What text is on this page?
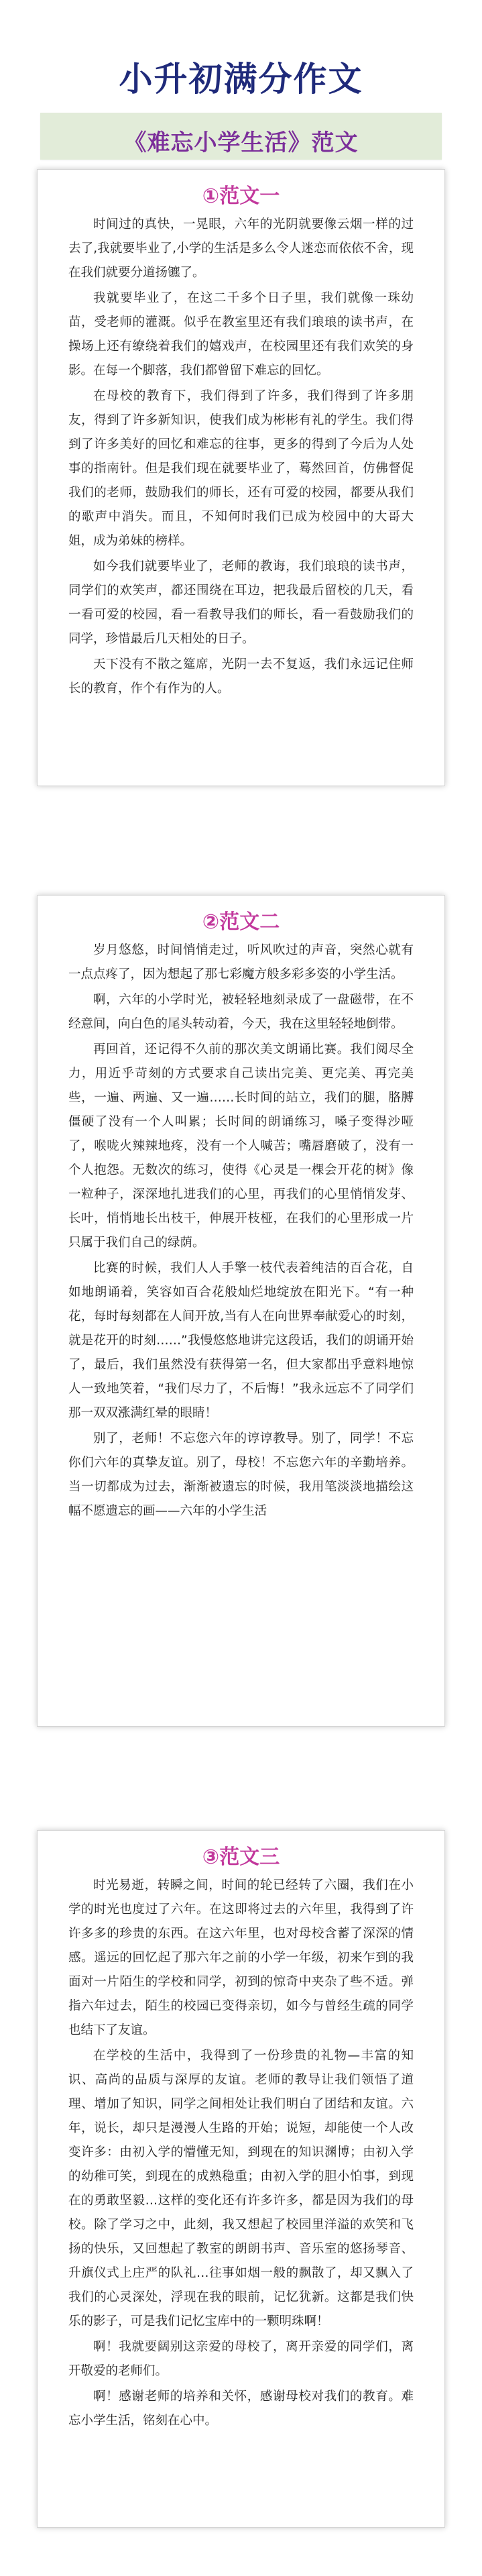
小升初满分作文
《难忘小学生活》范文
①范文一

时间过的真快，一晃眼，六年的光阴就要像云烟一样的过去了,我就要毕业了,小学的生活是多么令人迷恋而依依不舍，现在我们就要分道扬镳了。

我就要毕业了，在这二千多个日子里，我们就像一珠幼苗，受老师的灌溉。似乎在教室里还有我们琅琅的读书声，在操场上还有缭绕着我们的嬉戏声，在校园里还有我们欢笑的身影。在每一个脚落，我们都曾留下难忘的回忆。

在母校的教育下，我们得到了许多，我们得到了许多朋友，得到了许多新知识，使我们成为彬彬有礼的学生。我们得到了许多美好的回忆和难忘的往事，更多的得到了今后为人处事的指南针。但是我们现在就要毕业了，蓦然回首，仿佛督促我们的老师，鼓励我们的师长，还有可爱的校园，都要从我们的歌声中消失。而且，不知何时我们已成为校园中的大哥大姐，成为弟妹的榜样。

如今我们就要毕业了，老师的教诲，我们琅琅的读书声，同学们的欢笑声，都还围绕在耳边，把我最后留校的几天，看一看可爱的校园，看一看教导我们的师长，看一看鼓励我们的同学，珍惜最后几天相处的日子。

天下没有不散之筵席，光阴一去不复返，我们永远记住师长的教育，作个有作为的人。

②范文二

岁月悠悠，时间悄悄走过，听风吹过的声音，突然心就有一点点疼了，因为想起了那七彩魔方般多彩多姿的小学生活。

啊，六年的小学时光，被轻轻地刻录成了一盘磁带，在不经意间，向白色的尾头转动着，今天，我在这里轻轻地倒带。

再回首，还记得不久前的那次美文朗诵比赛。我们阅尽全力，用近乎苛刻的方式要求自己读出完美、更完美、再完美些，一遍、两遍、又一遍……长时间的站立，我们的腿，胳膊僵硬了没有一个人叫累；长时间的朗诵练习，嗓子变得沙哑了，喉咙火辣辣地疼，没有一个人喊苦；嘴唇磨破了，没有一个人抱怨。无数次的练习，使得《心灵是一棵会开花的树》像一粒种子，深深地扎进我们的心里，再我们的心里悄悄发芽、长叶，悄悄地长出枝干，伸展开枝桠，在我们的心里形成一片只属于我们自己的绿荫。

比赛的时候，我们人人手擎一枝代表着纯洁的百合花，自如地朗诵着，笑容如百合花般灿烂地绽放在阳光下。“有一种花，每时每刻都在人间开放,当有人在向世界奉献爱心的时刻，就是花开的时刻……”我慢悠悠地讲完这段话，我们的朗诵开始了，最后，我们虽然没有获得第一名，但大家都出乎意料地惊人一致地笑着，“我们尽力了，不后悔！”我永远忘不了同学们那一双双涨满红晕的眼睛！

别了，老师！不忘您六年的谆谆教导。别了，同学！不忘你们六年的真挚友谊。别了，母校！不忘您六年的辛勤培养。当一切都成为过去，渐渐被遗忘的时候，我用笔淡淡地描绘这幅不愿遗忘的画——六年的小学生活

③范文三

时光易逝，转瞬之间，时间的轮已经转了六圈，我们在小学的时光也度过了六年。在这即将过去的六年里，我得到了许许多多的珍贵的东西。在这六年里，也对母校含蓄了深深的情感。遥远的回忆起了那六年之前的小学一年级，初来乍到的我面对一片陌生的学校和同学，初到的惊奇中夹杂了些不适。弹指六年过去，陌生的校园已变得亲切，如今与曾经生疏的同学也结下了友谊。

在学校的生活中，我得到了一份珍贵的礼物—丰富的知识、高尚的品质与深厚的友谊。老师的教导让我们领悟了道理、增加了知识，同学之间相处让我们明白了团结和友谊。六年，说长，却只是漫漫人生路的开始；说短，却能使一个人改变许多：由初入学的懵懂无知，到现在的知识渊博；由初入学的幼稚可笑，到现在的成熟稳重；由初入学的胆小怕事，到现在的勇敢坚毅…这样的变化还有许多许多，都是因为我们的母校。除了学习之中，此刻，我又想起了校园里洋溢的欢笑和飞扬的快乐，又回想起了教室的朗朗书声、音乐室的悠扬琴音、升旗仪式上庄严的队礼…往事如烟一般的飘散了，却又飘入了我们的心灵深处，浮现在我的眼前，记忆犹新。这都是我们快乐的影子，可是我们记忆宝库中的一颗明珠啊！

啊！我就要阔别这亲爱的母校了，离开亲爱的同学们，离开敬爱的老师们。

啊！感谢老师的培养和关怀，感谢母校对我们的教育。难忘小学生活，铭刻在心中。
